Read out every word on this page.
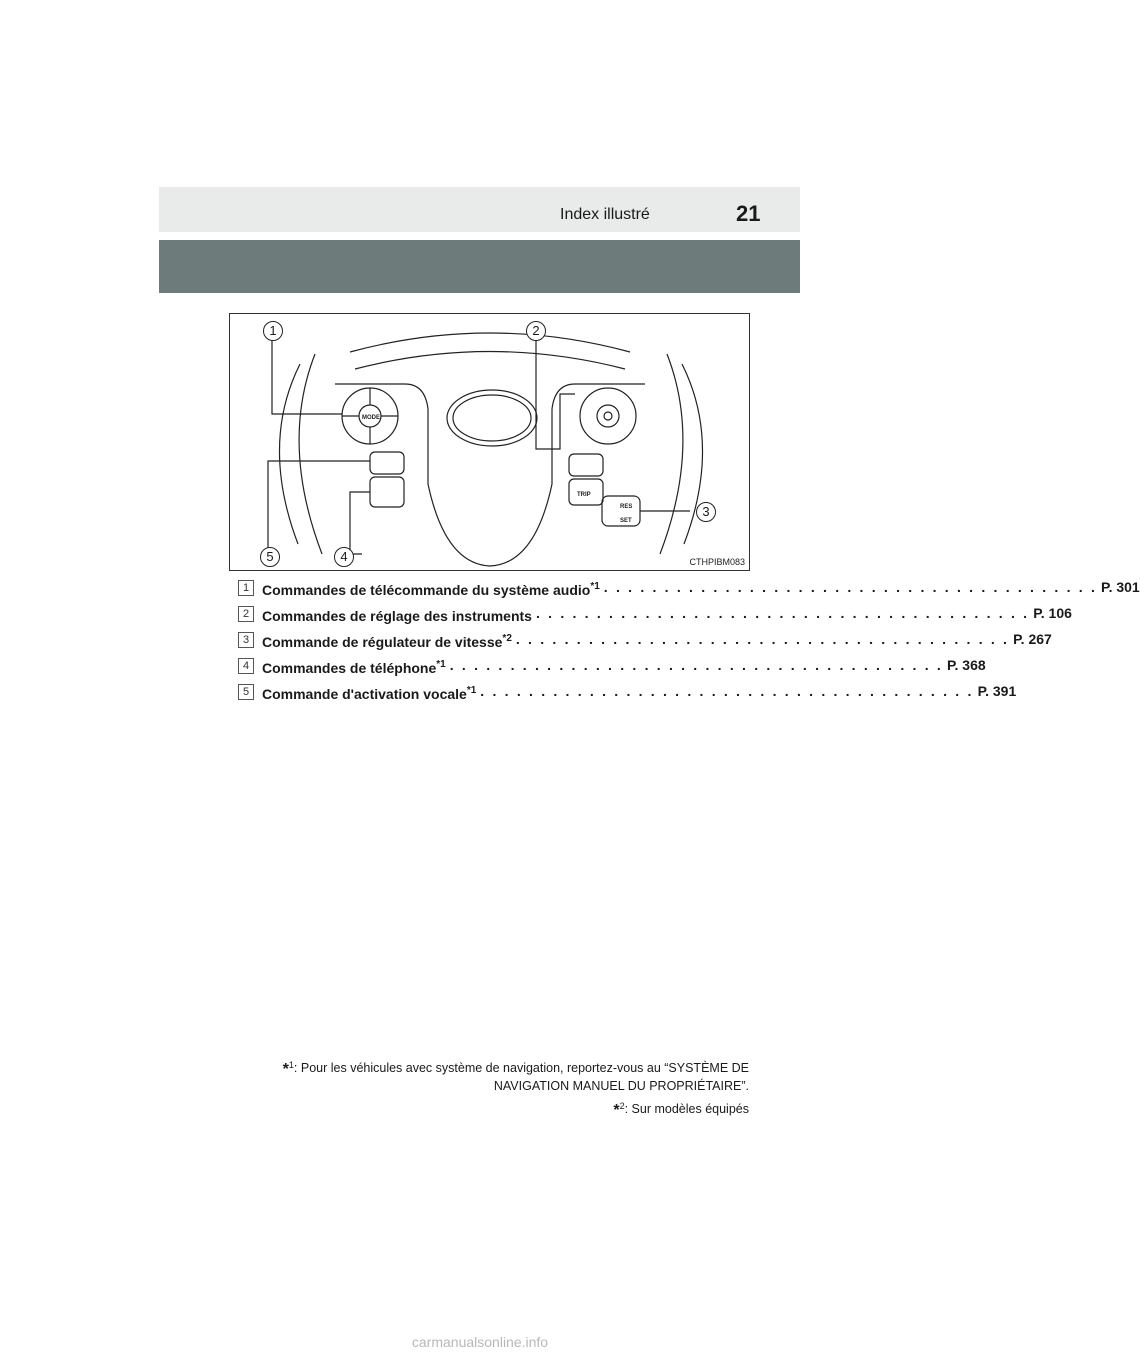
Index illustré	21
MODE
TRIP
RES
SET
1	2
3
4
5	CTHPIBM083
1 Commandes de télécommande du système audio$^{*1}$ . . . . . . . . . . . . . . . . . . . . . . . . . . . . . . . . . . . . . . . . . P. 301
2 Commandes de réglage des instruments . . . . . . . . . . . . . . . . . . . . . . . . . . . . . . . . . . . . . . . . . P. 106
3 Commande de régulateur de vitesse$^{*2}$ . . . . . . . . . . . . . . . . . . . . . . . . . . . . . . . . . . . . . . . . . P. 267
4 Commandes de téléphone$^{*1}$ . . . . . . . . . . . . . . . . . . . . . . . . . . . . . . . . . . . . . . . . . P. 368
5 Commande d'activation vocale$^{*1}$ . . . . . . . . . . . . . . . . . . . . . . . . . . . . . . . . . . . . . . . . . P. 391
*$^1$: Pour les véhicules avec système de navigation, reportez-vous au “SYSTÈME DE
NAVIGATION MANUEL DU PROPRIÉTAIRE”.
*$^2$: Sur modèles équipés
carmanualsonline.info
